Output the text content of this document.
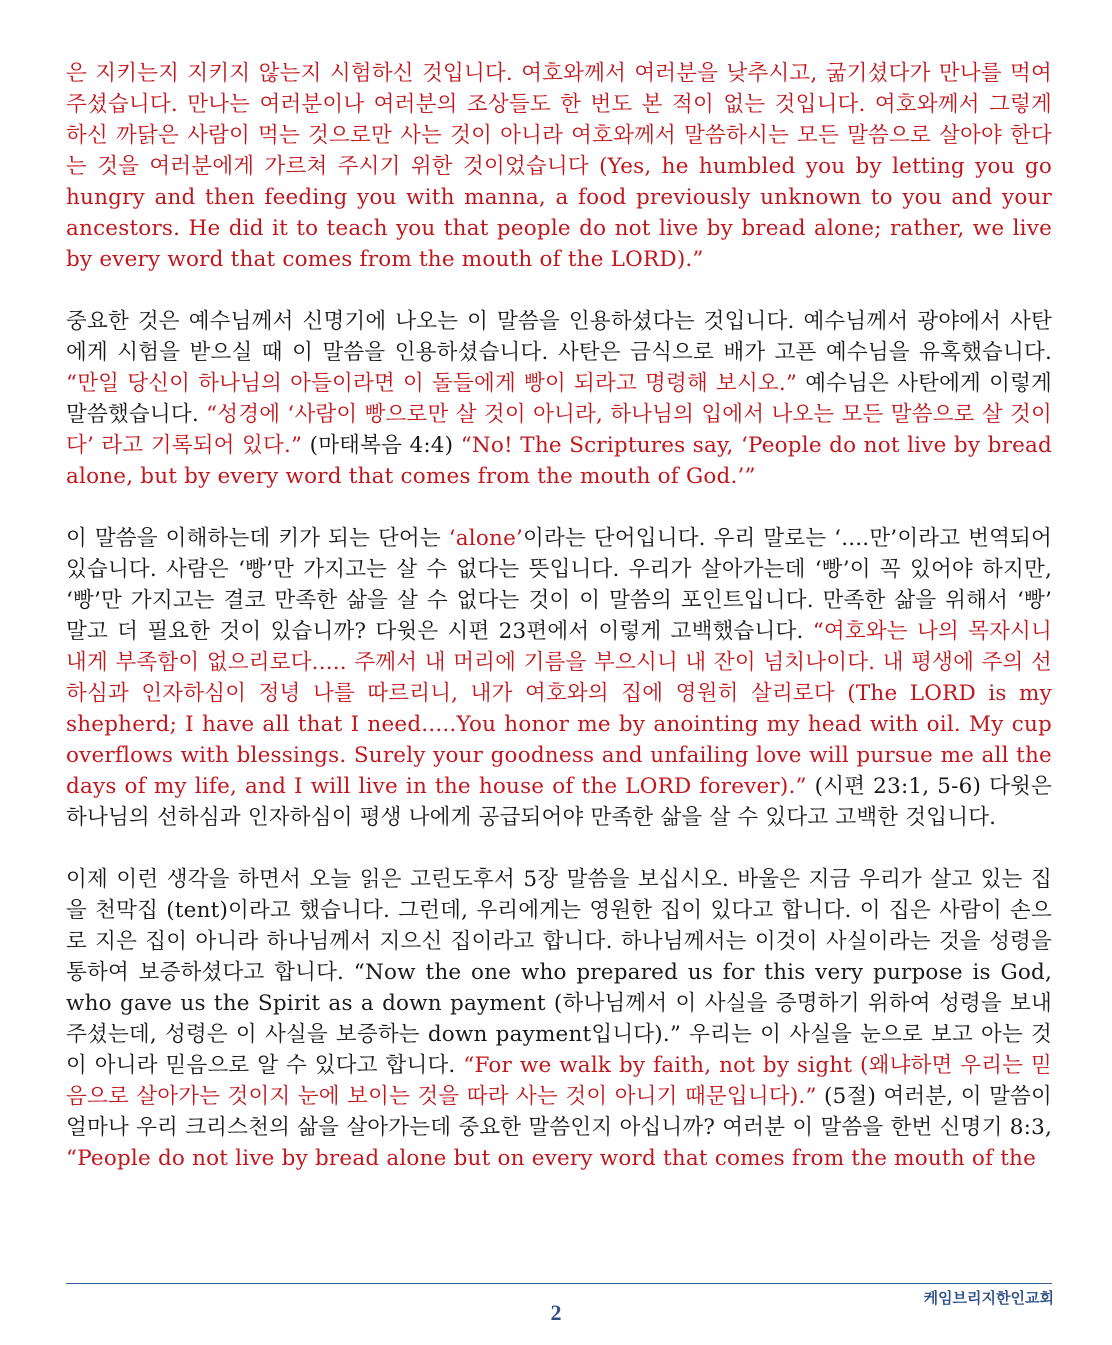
은 지키는지 지키지 않는지 시험하신 것입니다. 여호와께서 여러분을 낮추시고, 굶기셨다가 만나를 먹여 주셨습니다. 만나는 여러분이나 여러분의 조상들도 한 번도 본 적이 없는 것입니다. 여호와께서 그렇게 하신 까닭은 사람이 먹는 것으로만 사는 것이 아니라 여호와께서 말씀하시는 모든 말씀으로 살아야 한다는 것을 여러분에게 가르쳐 주시기 위한 것이었습니다 (Yes, he humbled you by letting you go hungry and then feeding you with manna, a food previously unknown to you and your ancestors. He did it to teach you that people do not live by bread alone; rather, we live by every word that comes from the mouth of the LORD).”

중요한 것은 예수님께서 신명기에 나오는 이 말씀을 인용하셨다는 것입니다. 예수님께서 광야에서 사탄에게 시험을 받으실 때 이 말씀을 인용하셨습니다. 사탄은 금식으로 배가 고픈 예수님을 유혹했습니다. “만일 당신이 하나님의 아들이라면 이 돌들에게 빵이 되라고 명령해 보시오.” 예수님은 사탄에게 이렇게 말씀했습니다. “성경에 ‘사람이 빵으로만 살 것이 아니라, 하나님의 입에서 나오는 모든 말씀으로 살 것이다’ 라고 기록되어 있다.” (마태복음 4:4) “No! The Scriptures say, ‘People do not live by bread alone, but by every word that comes from the mouth of God.’”

이 말씀을 이해하는데 키가 되는 단어는 ‘alone’이라는 단어입니다. 우리 말로는 ‘....만’이라고 번역되어 있습니다. 사람은 ‘빵’만 가지고는 살 수 없다는 뜻입니다. 우리가 살아가는데 ‘빵’이 꼭 있어야 하지만, ‘빵’만 가지고는 결코 만족한 삶을 살 수 없다는 것이 이 말씀의 포인트입니다. 만족한 삶을 위해서 ‘빵’ 말고 더 필요한 것이 있습니까? 다윗은 시편 23편에서 이렇게 고백했습니다. “여호와는 나의 목자시니 내게 부족함이 없으리로다..... 주께서 내 머리에 기름을 부으시니 내 잔이 넘치나이다. 내 평생에 주의 선하심과 인자하심이 정녕 나를 따르리니, 내가 여호와의 집에 영원히 살리로다 (The LORD is my shepherd; I have all that I need.....You honor me by anointing my head with oil. My cup overflows with blessings. Surely your goodness and unfailing love will pursue me all the days of my life, and I will live in the house of the LORD forever).” (시편 23:1, 5-6) 다윗은 하나님의 선하심과 인자하심이 평생 나에게 공급되어야 만족한 삶을 살 수 있다고 고백한 것입니다.

이제 이런 생각을 하면서 오늘 읽은 고린도후서 5장 말씀을 보십시오. 바울은 지금 우리가 살고 있는 집을 천막집 (tent)이라고 했습니다. 그런데, 우리에게는 영원한 집이 있다고 합니다. 이 집은 사람이 손으로 지은 집이 아니라 하나님께서 지으신 집이라고 합니다. 하나님께서는 이것이 사실이라는 것을 성령을 통하여 보증하셨다고 합니다. “Now the one who prepared us for this very purpose is God, who gave us the Spirit as a down payment (하나님께서 이 사실을 증명하기 위하여 성령을 보내 주셨는데, 성령은 이 사실을 보증하는 down payment입니다).” 우리는 이 사실을 눈으로 보고 아는 것이 아니라 믿음으로 알 수 있다고 합니다. “For we walk by faith, not by sight (왜냐하면 우리는 믿음으로 살아가는 것이지 눈에 보이는 것을 따라 사는 것이 아니기 때문입니다).” (5절) 여러분, 이 말씀이 얼마나 우리 크리스천의 삶을 살아가는데 중요한 말씀인지 아십니까? 여러분 이 말씀을 한번 신명기 8:3, “People do not live by bread alone but on every word that comes from the mouth of the

케임브리지한인교회
2
